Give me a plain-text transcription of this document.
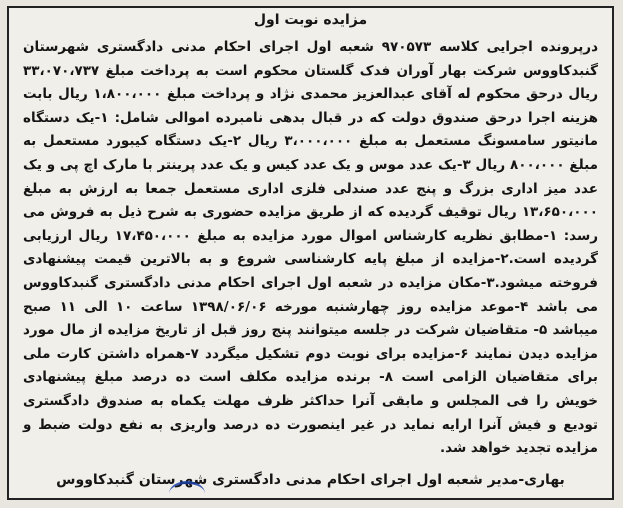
مزایده نوبت اول
درپرونده اجرایی کلاسه ۹۷۰۵۷۳ شعبه اول اجرای احکام مدنی دادگستری شهرستان گنبدکاووس شرکت بهار آوران فدک گلستان محکوم است به پرداخت مبلغ ۳۳،۰۷۰،۷۳۷ ریال درحق محکوم له آقای عبدالعزیز محمدی نژاد و پرداخت مبلغ ۱،۸۰۰،۰۰۰ ریال بابت هزینه اجرا درحق صندوق دولت که در قبال بدهی نامبرده اموالی شامل: ۱-یک دستگاه مانیتور سامسونگ مستعمل به مبلغ ۳،۰۰۰،۰۰۰ ریال ۲-یک دستگاه کیبورد مستعمل به مبلغ ۸۰۰،۰۰۰ ریال ۳-یک عدد موس و یک عدد کیس و یک عدد پرینتر با مارک اچ پی و یک عدد میز اداری بزرگ و پنج عدد صندلی فلزی اداری مستعمل جمعا به ارزش به مبلغ ۱۳،۶۵۰،۰۰۰ ریال توقیف گردیده که از طریق مزایده حضوری به شرح ذیل به فروش می رسد: ۱-مطابق نظریه کارشناس اموال مورد مزایده به مبلغ ۱۷،۴۵۰،۰۰۰ ریال ارزیابی گردیده است.۲-مزایده از مبلغ پایه کارشناسی شروع و به بالاترین قیمت پیشنهادی فروخته میشود.۳-مکان مزایده در شعبه اول اجرای احکام مدنی دادگستری گنبدکاووس می باشد ۴-موعد مزایده روز چهارشنبه مورخه ۱۳۹۸/۰۶/۰۶ ساعت ۱۰ الی ۱۱ صبح میباشد ۵- متقاضیان شرکت در جلسه میتوانند پنج روز قبل از تاریخ مزایده از مال مورد مزایده دیدن نمایند ۶-مزایده برای نوبت دوم تشکیل میگردد ۷-همراه داشتن کارت ملی برای متقاضیان الزامی است ۸- برنده مزایده مکلف است ده درصد مبلغ پیشنهادی خویش را فی المجلس و مابقی آنرا حداکثر ظرف مهلت یکماه به صندوق دادگستری تودیع و فیش آنرا ارایه نماید در غیر اینصورت ده درصد واریزی به نفع دولت ضبط و مزایده تجدید خواهد شد.
بهاری-مدیر شعبه اول اجرای احکام مدنی دادگستری شهرستان گنبدکاووس
